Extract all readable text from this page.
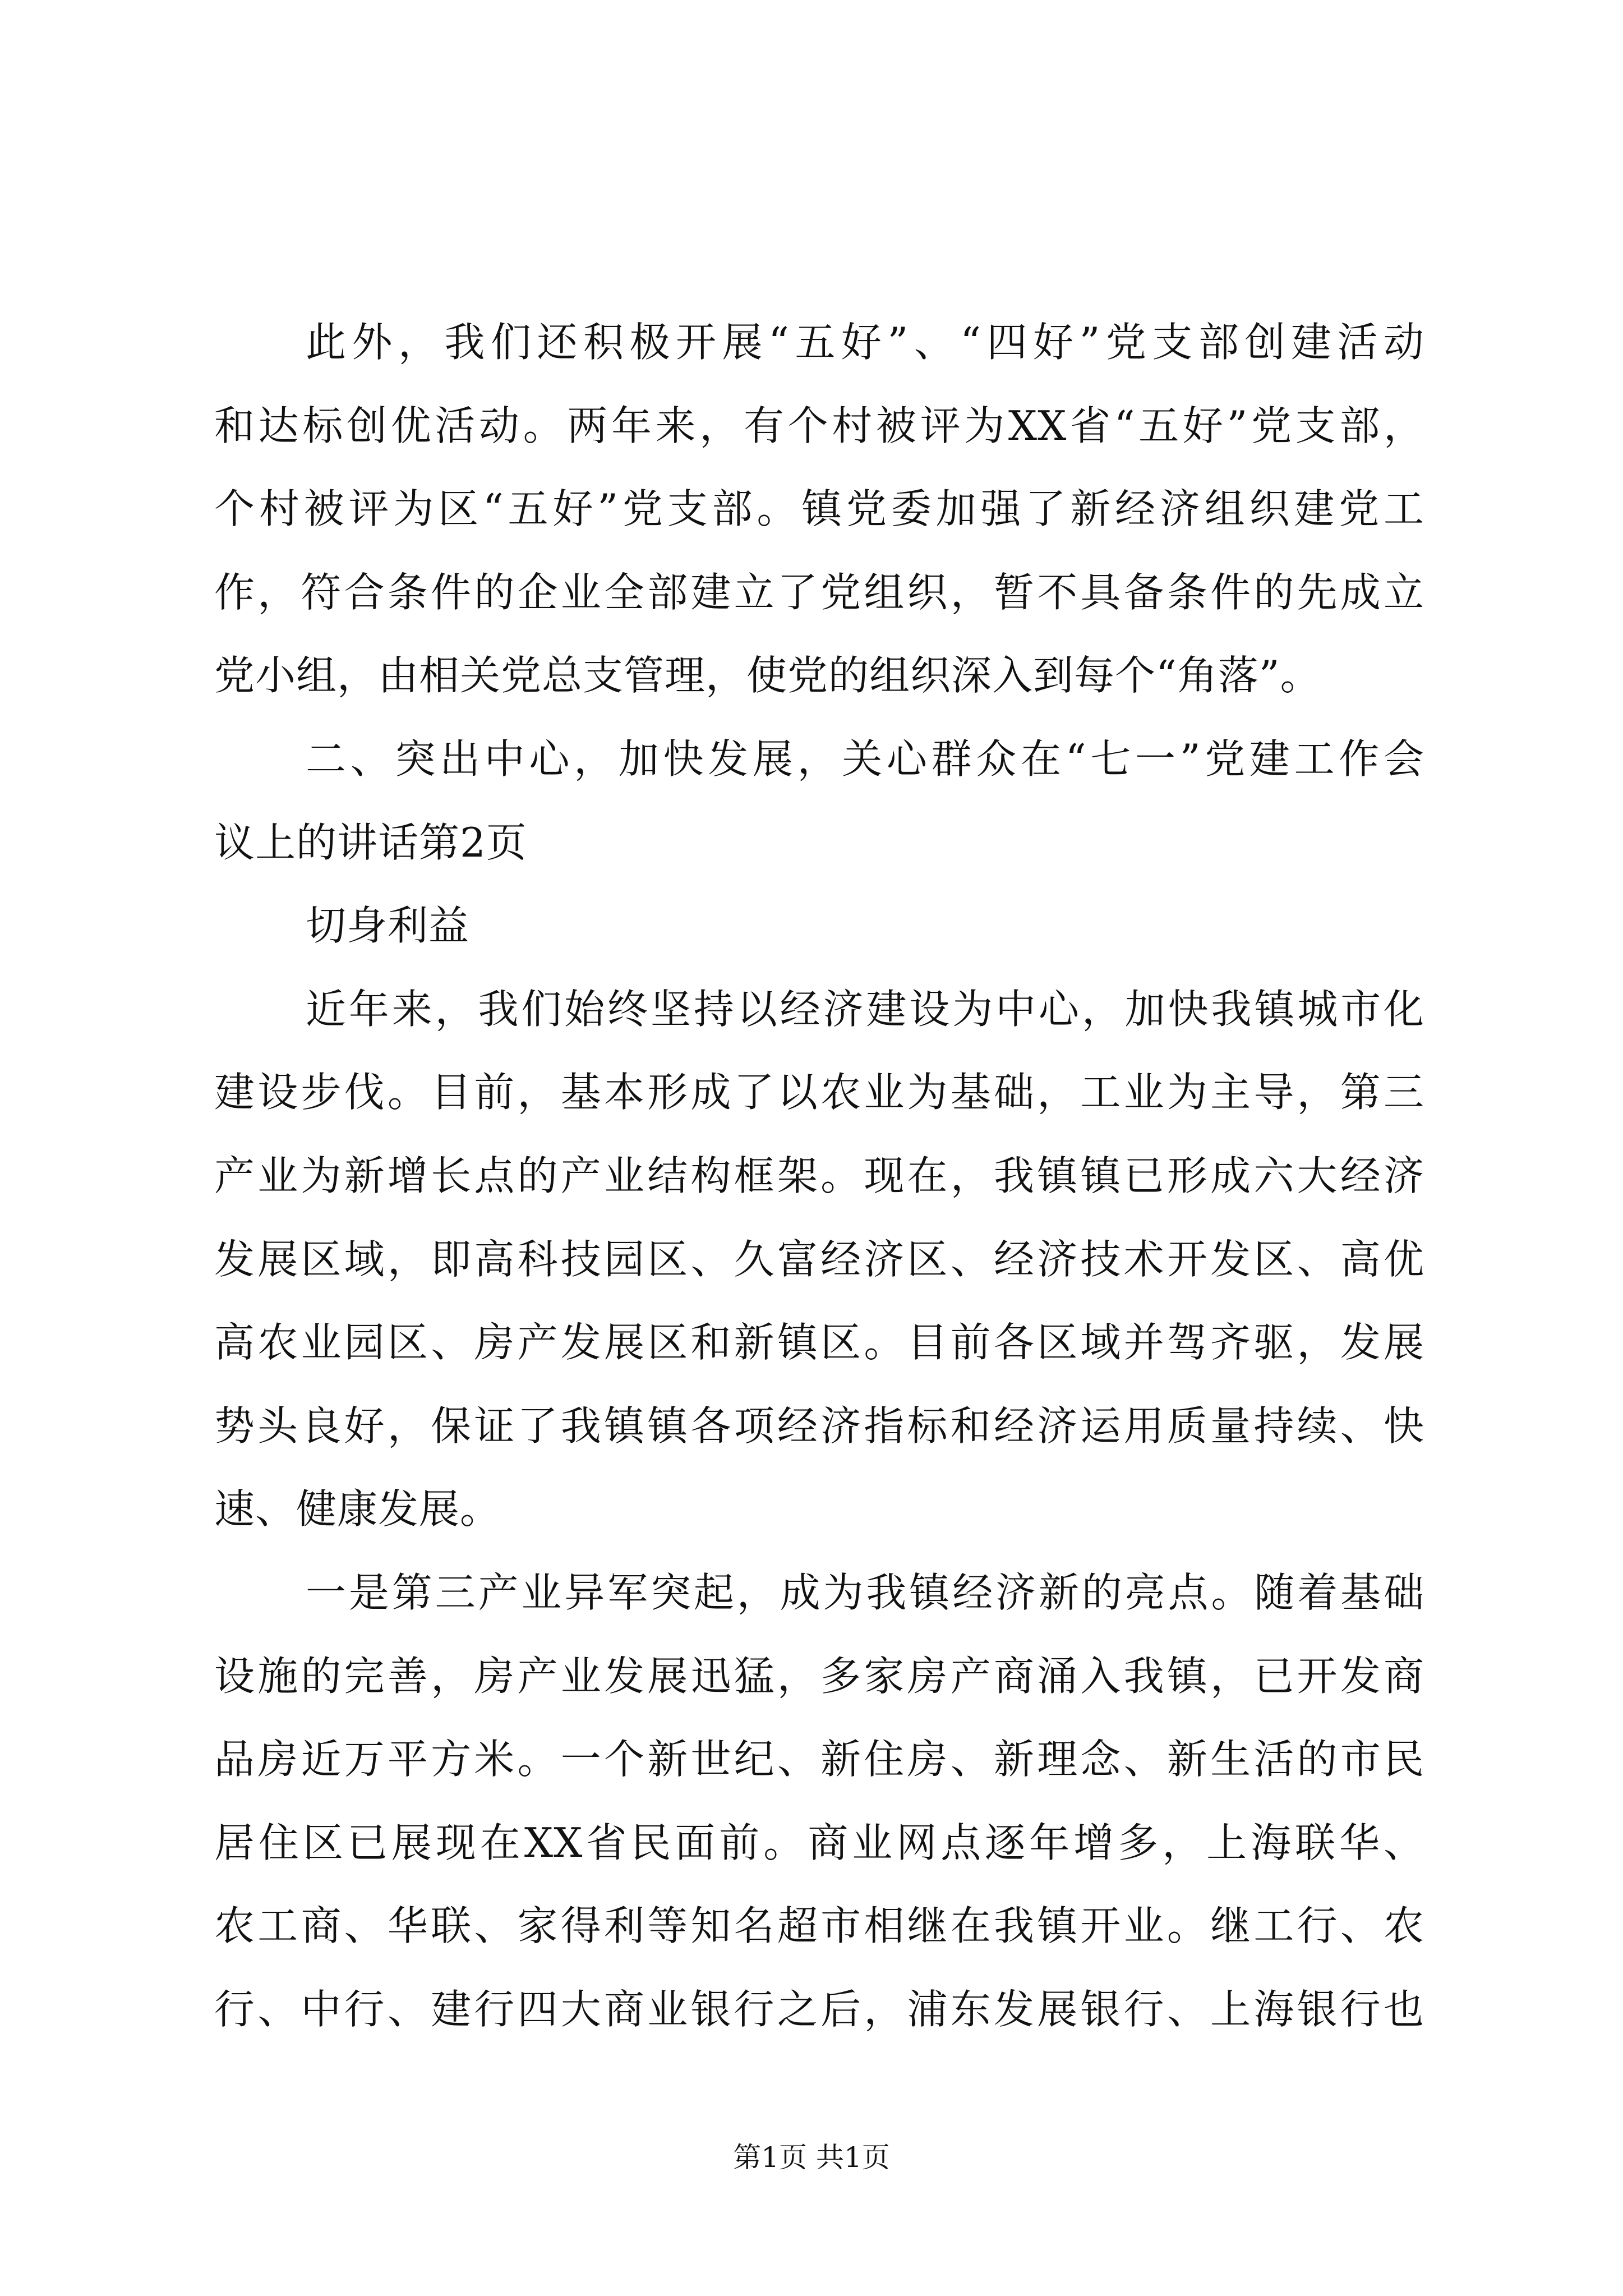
此外，我们还积极开展“五好”、“四好”党支部创建活动
和达标创优活动。两年来，有个村被评为XX省“五好”党支部，
个村被评为区“五好”党支部。镇党委加强了新经济组织建党工
作，符合条件的企业全部建立了党组织，暂不具备条件的先成立
党小组，由相关党总支管理，使党的组织深入到每个“角落”。
二、突出中心，加快发展，关心群众在“七一”党建工作会
议上的讲话第2页
切身利益
近年来，我们始终坚持以经济建设为中心，加快我镇城市化
建设步伐。目前，基本形成了以农业为基础，工业为主导，第三
产业为新增长点的产业结构框架。现在，我镇镇已形成六大经济
发展区域，即高科技园区、久富经济区、经济技术开发区、高优
高农业园区、房产发展区和新镇区。目前各区域并驾齐驱，发展
势头良好，保证了我镇镇各项经济指标和经济运用质量持续、快
速、健康发展。
一是第三产业异军突起，成为我镇经济新的亮点。随着基础
设施的完善，房产业发展迅猛，多家房产商涌入我镇，已开发商
品房近万平方米。一个新世纪、新住房、新理念、新生活的市民
居住区已展现在XX省民面前。商业网点逐年增多，上海联华、
农工商、华联、家得利等知名超市相继在我镇开业。继工行、农
行、中行、建行四大商业银行之后，浦东发展银行、上海银行也
第1页 共1页
